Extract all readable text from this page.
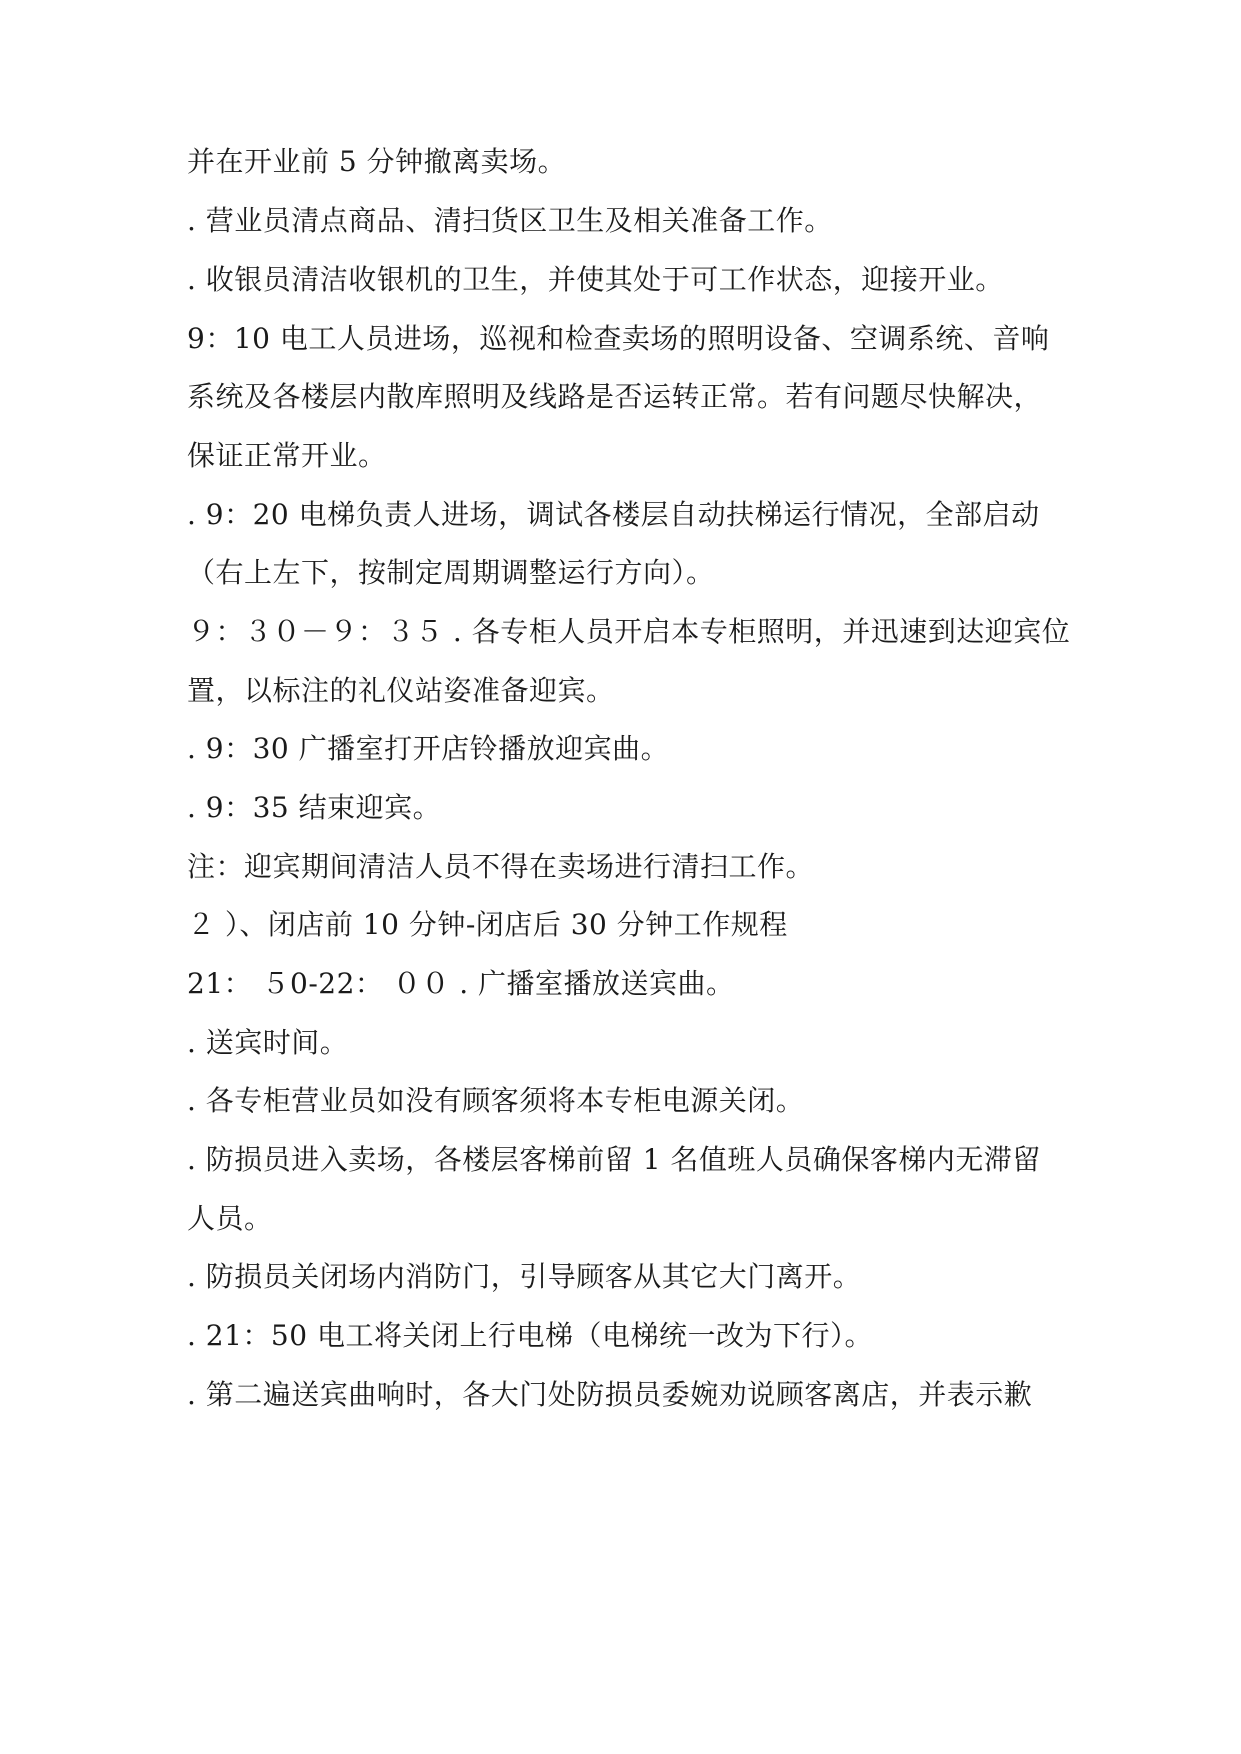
并在开业前 5 分钟撤离卖场。
. 营业员清点商品、清扫货区卫生及相关准备工作。
. 收银员清洁收银机的卫生，并使其处于可工作状态，迎接开业。
9：10 电工人员进场，巡视和检查卖场的照明设备、空调系统、音响
系统及各楼层内散库照明及线路是否运转正常。若有问题尽快解决，
保证正常开业。
. 9：20 电梯负责人进场，调试各楼层自动扶梯运行情况，全部启动
（右上左下，按制定周期调整运行方向）。
９：３０－９：３５ . 各专柜人员开启本专柜照明，并迅速到达迎宾位
置，以标注的礼仪站姿准备迎宾。
. 9：30 广播室打开店铃播放迎宾曲。
. 9：35 结束迎宾。
注：迎宾期间清洁人员不得在卖场进行清扫工作。
２ ）、闭店前 10 分钟-闭店后 30 分钟工作规程
21： ５0-22： ００ . 广播室播放送宾曲。
. 送宾时间。
. 各专柜营业员如没有顾客须将本专柜电源关闭。
. 防损员进入卖场，各楼层客梯前留 1 名值班人员确保客梯内无滞留
人员。
. 防损员关闭场内消防门，引导顾客从其它大门离开。
. 21：50 电工将关闭上行电梯（电梯统一改为下行）。
. 第二遍送宾曲响时，各大门处防损员委婉劝说顾客离店，并表示歉
